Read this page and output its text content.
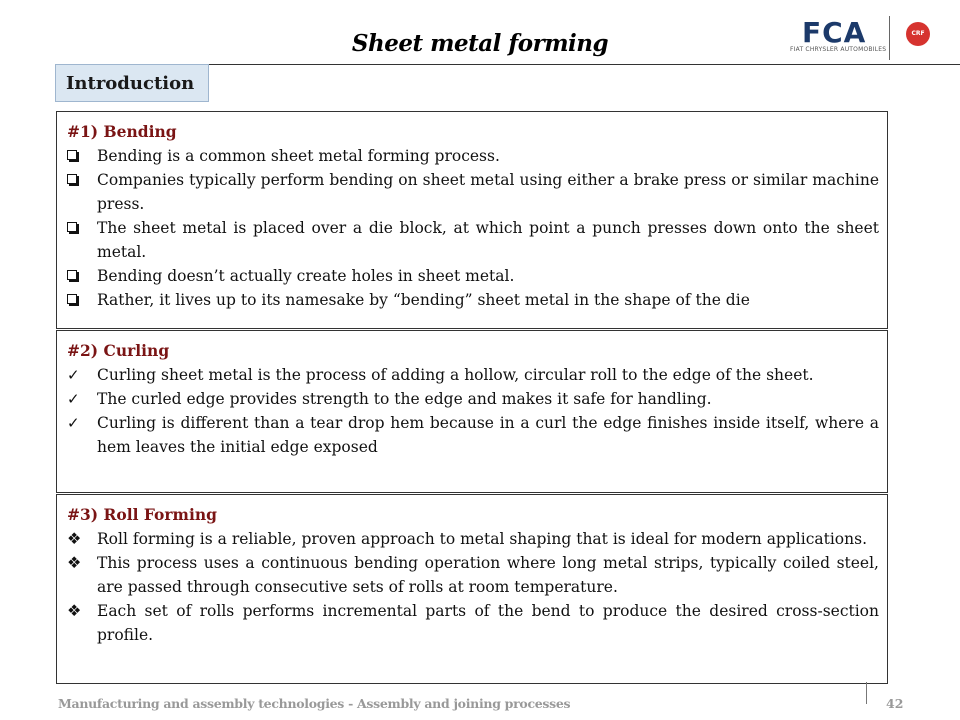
Sheet metal forming	FCA
FIAT CHRYSLER AUTOMOBILES
CRF
Introduction
#1) Bending
Bending is a common sheet metal forming process.
Companies typically perform bending on sheet metal using either a brake press or similar machine press.
The sheet metal is placed over a die block, at which point a punch presses down onto the sheet metal.
Bending doesn’t actually create holes in sheet metal.
Rather, it lives up to its namesake by “bending” sheet metal in the shape of the die
#2) Curling
✓	Curling sheet metal is the process of adding a hollow, circular roll to the edge of the sheet.
✓	The curled edge provides strength to the edge and makes it safe for handling.
✓	Curling is different than a tear drop hem because in a curl the edge finishes inside itself, where a hem leaves the initial edge exposed
#3) Roll Forming
❖	Roll forming is a reliable, proven approach to metal shaping that is ideal for modern applications.
❖	This process uses a continuous bending operation where long metal strips, typically coiled steel, are passed through consecutive sets of rolls at room temperature.
❖	Each set of rolls performs incremental parts of the bend to produce the desired cross-section profile.
Manufacturing and assembly technologies - Assembly and joining processes	42
